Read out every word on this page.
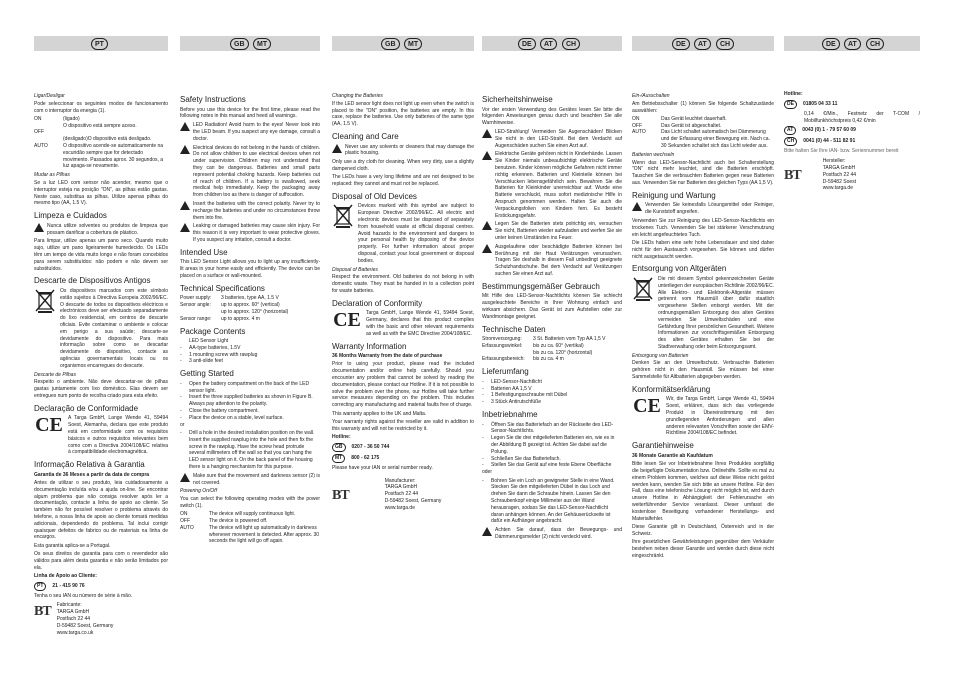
PT	GB	MT	GB	MT	DE	AT	CH	DE	AT	CH	DE	AT	CH
Ligar/Desligar

Pode seleccionar os seguintes modos de funcionamento com o interruptor da energia (1).

ON	(ligado)
O dispositivo está sempre aceso.
OFF
(desligado)O dispositivo está desligado.
AUTO	O dispositivo acende-se automaticamente na escuridão sempre que for detectado movimento. Passados aprox. 30 segundos, a luz apaga-se novamente.
Mudar as Pilhas

Se a luz LED com sensor não acender, mesmo que o interruptor esteja na posição "ON", as pilhas estão gastas. Neste caso, substitua as pilhas. Utilize apenas pilhas do mesmo tipo (AA, 1.5 V).

Limpeza e Cuidados
Nunca utilize solventes ou produtos de limpeza que possam danificar a cobertura de plástico.

Para limpar, utilize apenas um pano seco. Quando muito sujo, utilize um pano ligeiramente humedecido. Os LEDs têm um tempo de vida muito longo e não foram concebidos para serem substituídos: não podem e não devem ser substituídos.

Descarte de Dispositivos Antigos
Os dispositivos marcados com este símbolo estão sujeitos à Directiva Europeia 2002/96/EC. O descarte de todos os dispositivos eléctricos e electrónicos deve ser efectuado separadamente do lixo residencial, em centros de descarte oficiais. Evite contaminar o ambiente e colocar em perigo a sua saúde; descarte-se devidamente do dispositivo. Para mais informação sobre como se descartar devidamente do dispositivo, contacte as agências governamentais locais ou os organismos encarregues do descarte.
Descarte de Pilhas

Respeito o ambiente. Não deve descartar-se de pilhas gastas juntamente com lixo doméstico. Elas devem ser entregues num ponto de recolha criado para esta efeito.

Declaração de Conformidade
CE A Targa GmbH, Lange Wende 41, 59494 Soest, Alemanha, declara que este produto está em conformidade com os requisitos básicos e outros requisitos relevantes bem como com a Directiva 2004/108/EC relativa à compatibilidade electromagnética.
Informação Relativa à Garantia

Garantia de 36 Meses a partir da data de compra

Antes de utilizar o seu produto, leia cuidadosamente a documentação incluída e/ou a ajuda on-line. Se encontrar algum problema que não consiga resolver após ler a documentação, contacte a linha de apoio ao cliente. Se também não for possível resolver o problema através do telefone, a nossa linha de apoio ao cliente tomará medidas adicionais, dependendo do problema. Tal inclui corrigir quaisquer defeitos de fabrico ou de materiais na linha de encargos.

Esta garantia aplica-se a Portugal.

Os seus direitos de garantia para com o revendedor são válidos para além desta garantia e não serão limitados por ela.

Linha de Apoio ao Cliente:

PT	21 - 415 90 76

Tenha o seu IAN ou número de série à mão.

BT Fabricante:
TARGA GmbH
Postfach 22 44
D-59482 Soest, Germany
www.targa.co.uk
Safety Instructions

Before you use this device for the first time, please read the following notes in this manual and heed all warnings.

LED Radiation! Avoid harm to the eyes! Never look into the LED beam. If you suspect any eye damage, consult a doctor.
Electrical devices do not belong in the hands of children. Do not allow children to use electrical devices when not under supervision. Children may not understand that they can be dangerous. Batteries and small parts represent potential choking hazards. Keep batteries out of reach of children. If a battery is swallowed, seek medical help immediately. Keep the packaging away from children too as there is danger of suffocation.
Insert the batteries with the correct polarity. Never try to recharge the batteries and under no circumstances throw them into fire.
Leaking or damaged batteries may cause skin injury. For this reason it is very important to wear protective gloves. If you suspect any irritation, consult a doctor.
Intended Use

This LED Sensor Light allows you to light up any insufficiently-lit areas in your home easily and efficiently. The device can be placed on a surface or wall-mounted.

Technical Specifications
Power supply:	3 batteries, type AA, 1.5 V
Sensor angle:	up to approx. 60° (vertical)
up to approx. 120° (horizontal)
Sensor range:	up to approx. 4 m
Package Contents
LED Sensor Light
-	AA-type batteries, 1.5V
-	1 mounting screw with rawplug
-	3 anti-slide feet
Getting Started
-	Open the battery compartment on the back of the LED sensor light.
-	Insert the three supplied batteries as shown in Figure B. Always pay attention to the polarity.
-	Close the battery compartment.
-	Place the device on a stable, level surface.

or

-	Drill a hole in the desired installation position on the wall. Insert the supplied rawplug into the hole and then fix the screw in the rawplug. Have the screw head protrude several millimeters off the wall so that you can hang the LED sensor light on it. On the back panel of the housing there is a hanging mechanism for this purpose.
Make sure that the movement and darkness sensor (2) is not covered.
Powering On/Off

You can select the following operating modes with the power switch (1).

ON	The device will supply continuous light.
OFF	The device is powered off.
AUTO	The device will light up automatically in darkness whenever movement is detected. After approx. 30 seconds the light will go off again.
Changing the Batteries

If the LED sensor light does not light up even when the switch is placed to the "ON" position, the batteries are empty. In this case, replace the batteries. Use only batteries of the same type (AA, 1.5 V).

Cleaning and Care
Never use any solvents or cleaners that may damage the plastic housing.

Only use a dry cloth for cleaning. When very dirty, use a slightly dampened cloth.

The LEDs have a very long lifetime and are not designed to be replaced: they cannot and must not be replaced.

Disposal of Old Devices
Devices marked with this symbol are subject to European Directive 2002/96/EC. All electric and electronic devices must be disposed of separately from household waste at official disposal centres. Avoid hazards to the environment and dangers to your personal health by disposing of the device properly. For further information about proper disposal, contact your local government or disposal bodies.
Disposal of Batteries

Respect the environment. Old batteries do not belong in with domestic waste. They must be handed in to a collection point for waste batteries.

Declaration of Conformity
CE Targa GmbH, Lange Wende 41, 59494 Soest, Germany, declares that this product complies with the basic and other relevant requirements as well as with the EMC Directive 2004/108/EC.
Warranty Information

36 Months Warranty from the date of purchase

Prior to using your product, please read the included documentation and/or online help carefully. Should you encounter any problem that cannot be solved by reading the documentation, please contact our Hotline. If it is not possible to solve the problem over the phone, our Hotline will take further service measures depending on the problem. This includes correcting any manufacturing and material faults free of charge.

This warranty applies to the UK and Malta.

Your warranty rights against the reseller are valid in addition to this warranty and will not be restricted by it.

Hotline:

GB	0207 - 36 50 744
MT	800 - 62 175

Please have your IAN or serial number ready.

BT
Manufacturer:
TARGA GmbH
Postfach 22 44
D-59482 Soest, Germany
www.targa.de
Sicherheitshinweise

Vor der ersten Verwendung des Gerätes lesen Sie bitte die folgenden Anweisungen genau durch und beachten Sie alle Warnhinweise.

LED-Strahlung! Vermeiden Sie Augenschäden! Blicken Sie nicht in den LED-Strahl. Bei dem Verdacht auf Augenschäden suchen Sie einen Arzt auf.
Elektrische Geräte gehören nicht in Kinderhände. Lassen Sie Kinder niemals unbeaufsichtigt elektrische Geräte benutzen. Kinder können mögliche Gefahren nicht immer richtig erkennen. Batterien und Kleinteile können bei Verschlucken lebensgefährlich sein. Bewahren Sie die Batterien für Kleinkinder unerreichbar auf. Wurde eine Batterie verschluckt, muss sofort medizinische Hilfe in Anspruch genommen werden. Halten Sie auch die Verpackungsfolien von Kindern fern. Es besteht Erstickungsgefahr.
Legen Sie die Batterien stets polrichtig ein, versuchen Sie nicht, Batterien wieder aufzuladen und werfen Sie sie unter keinen Umständen ins Feuer.
Ausgelaufene oder beschädigte Batterien können bei Berührung mit der Haut Verätzungen verursachen. Tragen Sie deshalb in diesem Fall unbedingt geeignete Schutzhandschuhe. Bei dem Verdacht auf Verätzungen suchen Sie einen Arzt auf.
Bestimmungsgemäßer Gebrauch

Mit Hilfe des LED-Sensor-Nachtlichts können Sie schlecht ausgeleuchtete Bereiche in Ihrer Wohnung einfach und wirksam absichern. Das Gerät ist zum Aufstellen oder zur Wandmontage geeignet.

Technische Daten
Stromversorgung:	3 St. Batterien vom Typ AA 1,5 V
Erfassungswinkel:	bis zu ca. 60° (vertikal)
bis zu ca. 120° (horizontal)
Erfassungsbereich:	bis zu ca. 4 m
Lieferumfang
-	LED-Sensor-Nachtlicht
-	Batterien AA 1,5 V
-	1 Befestigungsschraube mit Dübel
-	3 Stück Antirutschfüße
Inbetriebnahme
-	Öffnen Sie das Batteriefach an der Rückseite des LED-Sensor-Nachtlichts.
-	Legen Sie die drei mitgelieferten Batterien ein, wie es in der Abbildung B gezeigt ist. Achten Sie dabei auf die Polung.
-	Schließen Sie das Batteriefach.
-	Stellen Sie das Gerät auf eine feste Ebene Oberfläche

oder

-	Bohren Sie ein Loch an gewigneter Stelle in eine Wand. Stecken Sie den mitgelieferten Dübel in das Loch und drehen Sie dann die Schraube hinein. Lassen Sie den Schraubenkopf einige Millimeter aus der Wand herausragen, sodass Sie das LED-Sensor-Nachtlicht daran anhängen können. An der Gehäuserückseite ist dafür ein Aufhänger angebracht.
Achten Sie darauf, dass der Bewegungs- und Dämmerungsmelder (2) nicht verdeckt wird.
Ein-/Ausschalten

Am Betriebsschalter (1) können Sie folgende Schaltzustände auswählen:

ON	Das Gerät leuchtet dauerhaft.
OFF	Das Gerät ist abgeschaltet.
AUTO	Das Licht schaltet automatisch bei Dämmerung und der Erfassung einer Bewegung ein. Nach ca. 30 Sekunden schaltet sich das Licht wieder aus.
Batterien wechseln

Wenn das LED-Sensor-Nachtlicht auch bei Schalterstellung "ON" nicht mehr leuchtet, sind die Batterien erschöpft. Tauschen Sie die verbrauchten Batterien gegen neue Batterien aus. Verwenden Sie nur Batterien des gleichen Typs (AA 1,5 V).

Reinigung und Wartung
Verwenden Sie keinesfalls Lösungsmittel oder Reiniger, die Kunststoff angreifen.

Verwenden Sie zur Reinigung des LED-Sensor-Nachtlichts ein trockenes Tuch. Verwenden Sie bei stärkerer Verschmutzung ein leicht angefeuchtetes Tuch.

Die LEDs haben eine sehr hohe Lebensdauer und sind daher nicht für den Austausch vorgesehen. Sie können und dürfen nicht ausgetauscht werden.

Entsorgung von Altgeräten
Die mit diesem Symbol gekennzeichneten Geräte unterliegen der europäischen Richtlinie 2002/96/EC. Alle Elektro- und Elektronik-Altgeräte müssen getrennt vom Hausmüll über dafür staatlich vorgesehene Stellen entsorgt werden. Mit der ordnungsgemäßen Entsorgung des alten Gerätes vermeiden Sie Umweltschäden und eine Gefährdung Ihrer persönlichen Gesundheit. Weitere Informationen zur vorschriftsgemäßen Entsorgung des alten Gerätes erhalten Sie bei der Stadtverwaltung oder beim Entsorgungsamt.
Entsorgung von Batterien

Denken Sie an den Umweltschutz. Verbrauchte Batterien gehören nicht in den Hausmüll. Sie müssen bei einer Sammelstelle für Altbatterien abgegeben werden.

Konformitätserklärung
CE Wir, die Targa GmbH, Lange Wende 41, 59494 Soest, erklären, dass sich das vorliegende Produkt in Übereinstimmung mit den grundlegenden Anforderungen und allen anderen relevanten Vorschriften sowie der EMV-Richtlinie 2004/108/EC befindet.
Garantiehinweise

36 Monate Garantie ab Kaufdatum

Bitte lesen Sie vor Inbetriebnahme Ihres Produktes sorgfältig die beigefügte Dokumentation bzw. Onlinehilfe. Sollte es mal zu einem Problem kommen, welches auf diese Weise nicht gelöst werden kann, wenden Sie sich bitte an unsere Hotline. Für den Fall, dass eine telefonische Lösung nicht möglich ist, wird durch unsere Hotline in Abhängigkeit der Fehlerursache ein weiterführender Service veranlasst. Dieser umfasst die kostenlose Beseitigung vorhandener Herstellungs- und Materialfehler.

Diese Garantie gilt in Deutschland, Österreich und in der Schweiz.

Ihre gesetzlichen Gewährleistungen gegenüber dem Verkäufer bestehen neben dieser Garantie und werden durch diese nicht eingeschränkt.

Hotline:

DE	01805 04 33 11

0,14 €/Min., Festnetz der T-COM / Mobilfunkhöchstpreis 0,42 €/min

AT	0043 (0) 1 - 79 57 60 09
CH	0041 (0) 44 - 511 82 91

Bitte halten Sie Ihre IAN- bzw. Seriennummer bereit

BT
Hersteller:
TARGA GmbH
Postfach 22 44
D-59482 Soest
www.targa.de
